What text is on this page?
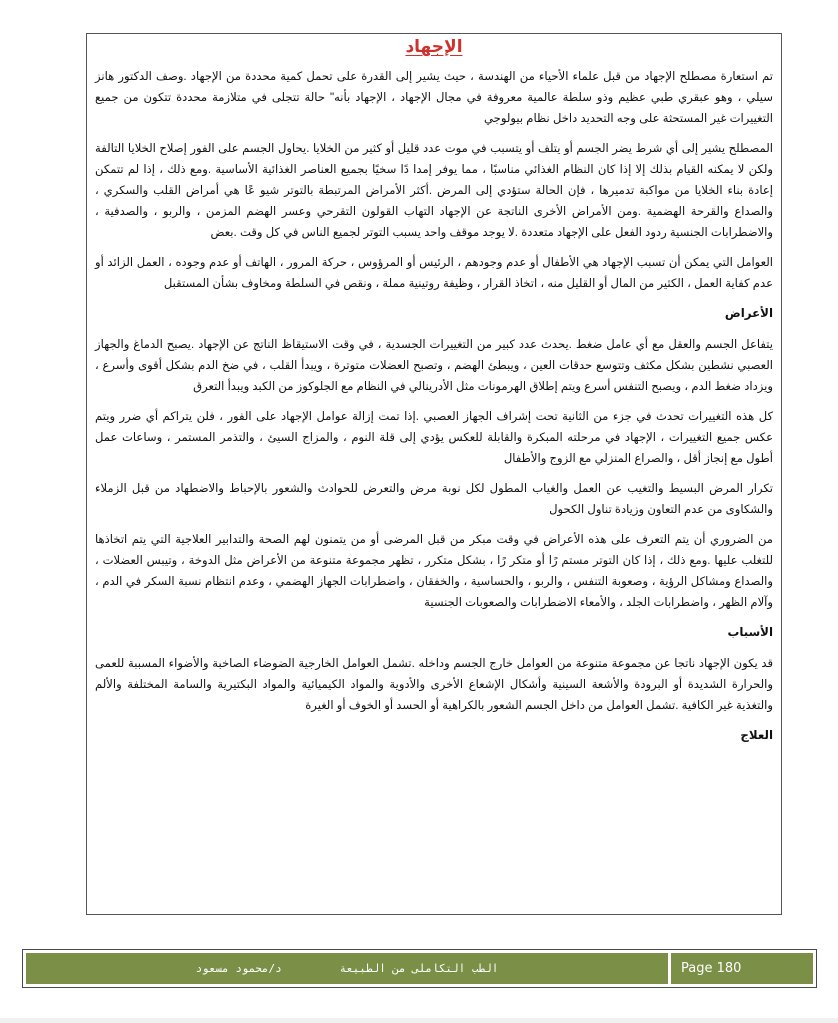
الإجهاد

تم استعارة مصطلح الإجهاد من قبل علماء الأحياء من الهندسة ، حيث يشير إلى القدرة على تحمل كمية محددة من الإجهاد .وصف الدكتور هانز سيلي ، وهو عبقري طبي عظيم وذو سلطة عالمية معروفة في مجال الإجهاد ، الإجهاد بأنه" حالة تتجلى في متلازمة محددة تتكون من جميع التغييرات غير المستحثة على وجه التحديد داخل نظام بيولوجي

المصطلح يشير إلى أي شرط يضر الجسم أو يتلف أو يتسبب في موت عدد قليل أو كثير من الخلايا .يحاول الجسم على الفور إصلاح الخلايا التالفة ولكن لا يمكنه القيام بذلك إلا إذا كان النظام الغذائي مناسبًا ، مما يوفر إمدا دًا سخيًا بجميع العناصر الغذائية الأساسية .ومع ذلك ، إذا لم تتمكن إعادة بناء الخلايا من مواكبة تدميرها ، فإن الحالة ستؤدي إلى المرض .أكثر الأمراض المرتبطة بالتوتر شيو عًا هي أمراض القلب والسكري ، والصداع والقرحة الهضمية .ومن الأمراض الأخرى الناتجة عن الإجهاد التهاب القولون التقرحي وعسر الهضم المزمن ، والربو ، والصدفية ، والاضطرابات الجنسية ردود الفعل على الإجهاد متعددة .لا يوجد موقف واحد يسبب التوتر لجميع الناس في كل وقت .بعض

العوامل التي يمكن أن تسبب الإجهاد هي الأطفال أو عدم وجودهم ، الرئيس أو المرؤوس ، حركة المرور ، الهاتف أو عدم وجوده ، العمل الزائد أو عدم كفاية العمل ، الكثير من المال أو القليل منه ، اتخاذ القرار ، وظيفة روتينية مملة ، ونقص في السلطة ومخاوف بشأن المستقبل

الأعراض

يتفاعل الجسم والعقل مع أي عامل ضغط .يحدث عدد كبير من التغييرات الجسدية ، في وقت الاستيقاظ الناتج عن الإجهاد .يصبح الدماغ والجهاز العصبي نشطين بشكل مكثف وتتوسع حدقات العين ، ويبطئ الهضم ، وتصبح العضلات متوترة ، ويبدأ القلب ، في ضخ الدم بشكل أقوى وأسرع ، ويزداد ضغط الدم ، ويصبح التنفس أسرع ويتم إطلاق الهرمونات مثل الأدرينالي في النظام مع الجلوكوز من الكبد ويبدأ التعرق

كل هذه التغييرات تحدث في جزء من الثانية تحت إشراف الجهاز العصبي .إذا تمت إزالة عوامل الإجهاد على الفور ، فلن يتراكم أي ضرر ويتم عكس جميع التغييرات ، الإجهاد في مرحلته المبكرة والقابلة للعكس يؤدي إلى قلة النوم ، والمزاج السيئ ، والتذمر المستمر ، وساعات عمل أطول مع إنجاز أقل ، والصراع المنزلي مع الزوج والأطفال

تكرار المرض البسيط والتغيب عن العمل والغياب المطول لكل نوبة مرض والتعرض للحوادث والشعور بالإحباط والاضطهاد من قبل الزملاء والشكاوى من عدم التعاون وزيادة تناول الكحول

من الضروري أن يتم التعرف على هذه الأعراض في وقت مبكر من قبل المرضى أو من يتمنون لهم الصحة والتدابير العلاجية التي يتم اتخاذها للتغلب عليها .ومع ذلك ، إذا كان التوتر مستم رًا أو متكر رًا ، بشكل متكرر ، تظهر مجموعة متنوعة من الأعراض مثل الدوخة ، وتيبس العضلات ، والصداع ومشاكل الرؤية ، وصعوبة التنفس ، والربو ، والحساسية ، والخفقان ، واضطرابات الجهاز الهضمي ، وعدم انتظام نسبة السكر في الدم ، وآلام الظهر ، واضطرابات الجلد ، والأمعاء الاضطرابات والصعوبات الجنسية

الأسباب

قد يكون الإجهاد ناتجا عن مجموعة متنوعة من العوامل خارج الجسم وداخله .تشمل العوامل الخارجية الضوضاء الصاخبة والأضواء المسببة للعمى والحرارة الشديدة أو البرودة والأشعة السينية وأشكال الإشعاع الأخرى والأدوية والمواد الكيميائية والمواد البكتيرية والسامة المختلفة والألم والتغذية غير الكافية .تشمل العوامل من داخل الجسم الشعور بالكراهية أو الحسد أو الخوف أو الغيرة

العلاج
الطب التكاملى من الطبيعة

د/محمود مسعود	Page 180
